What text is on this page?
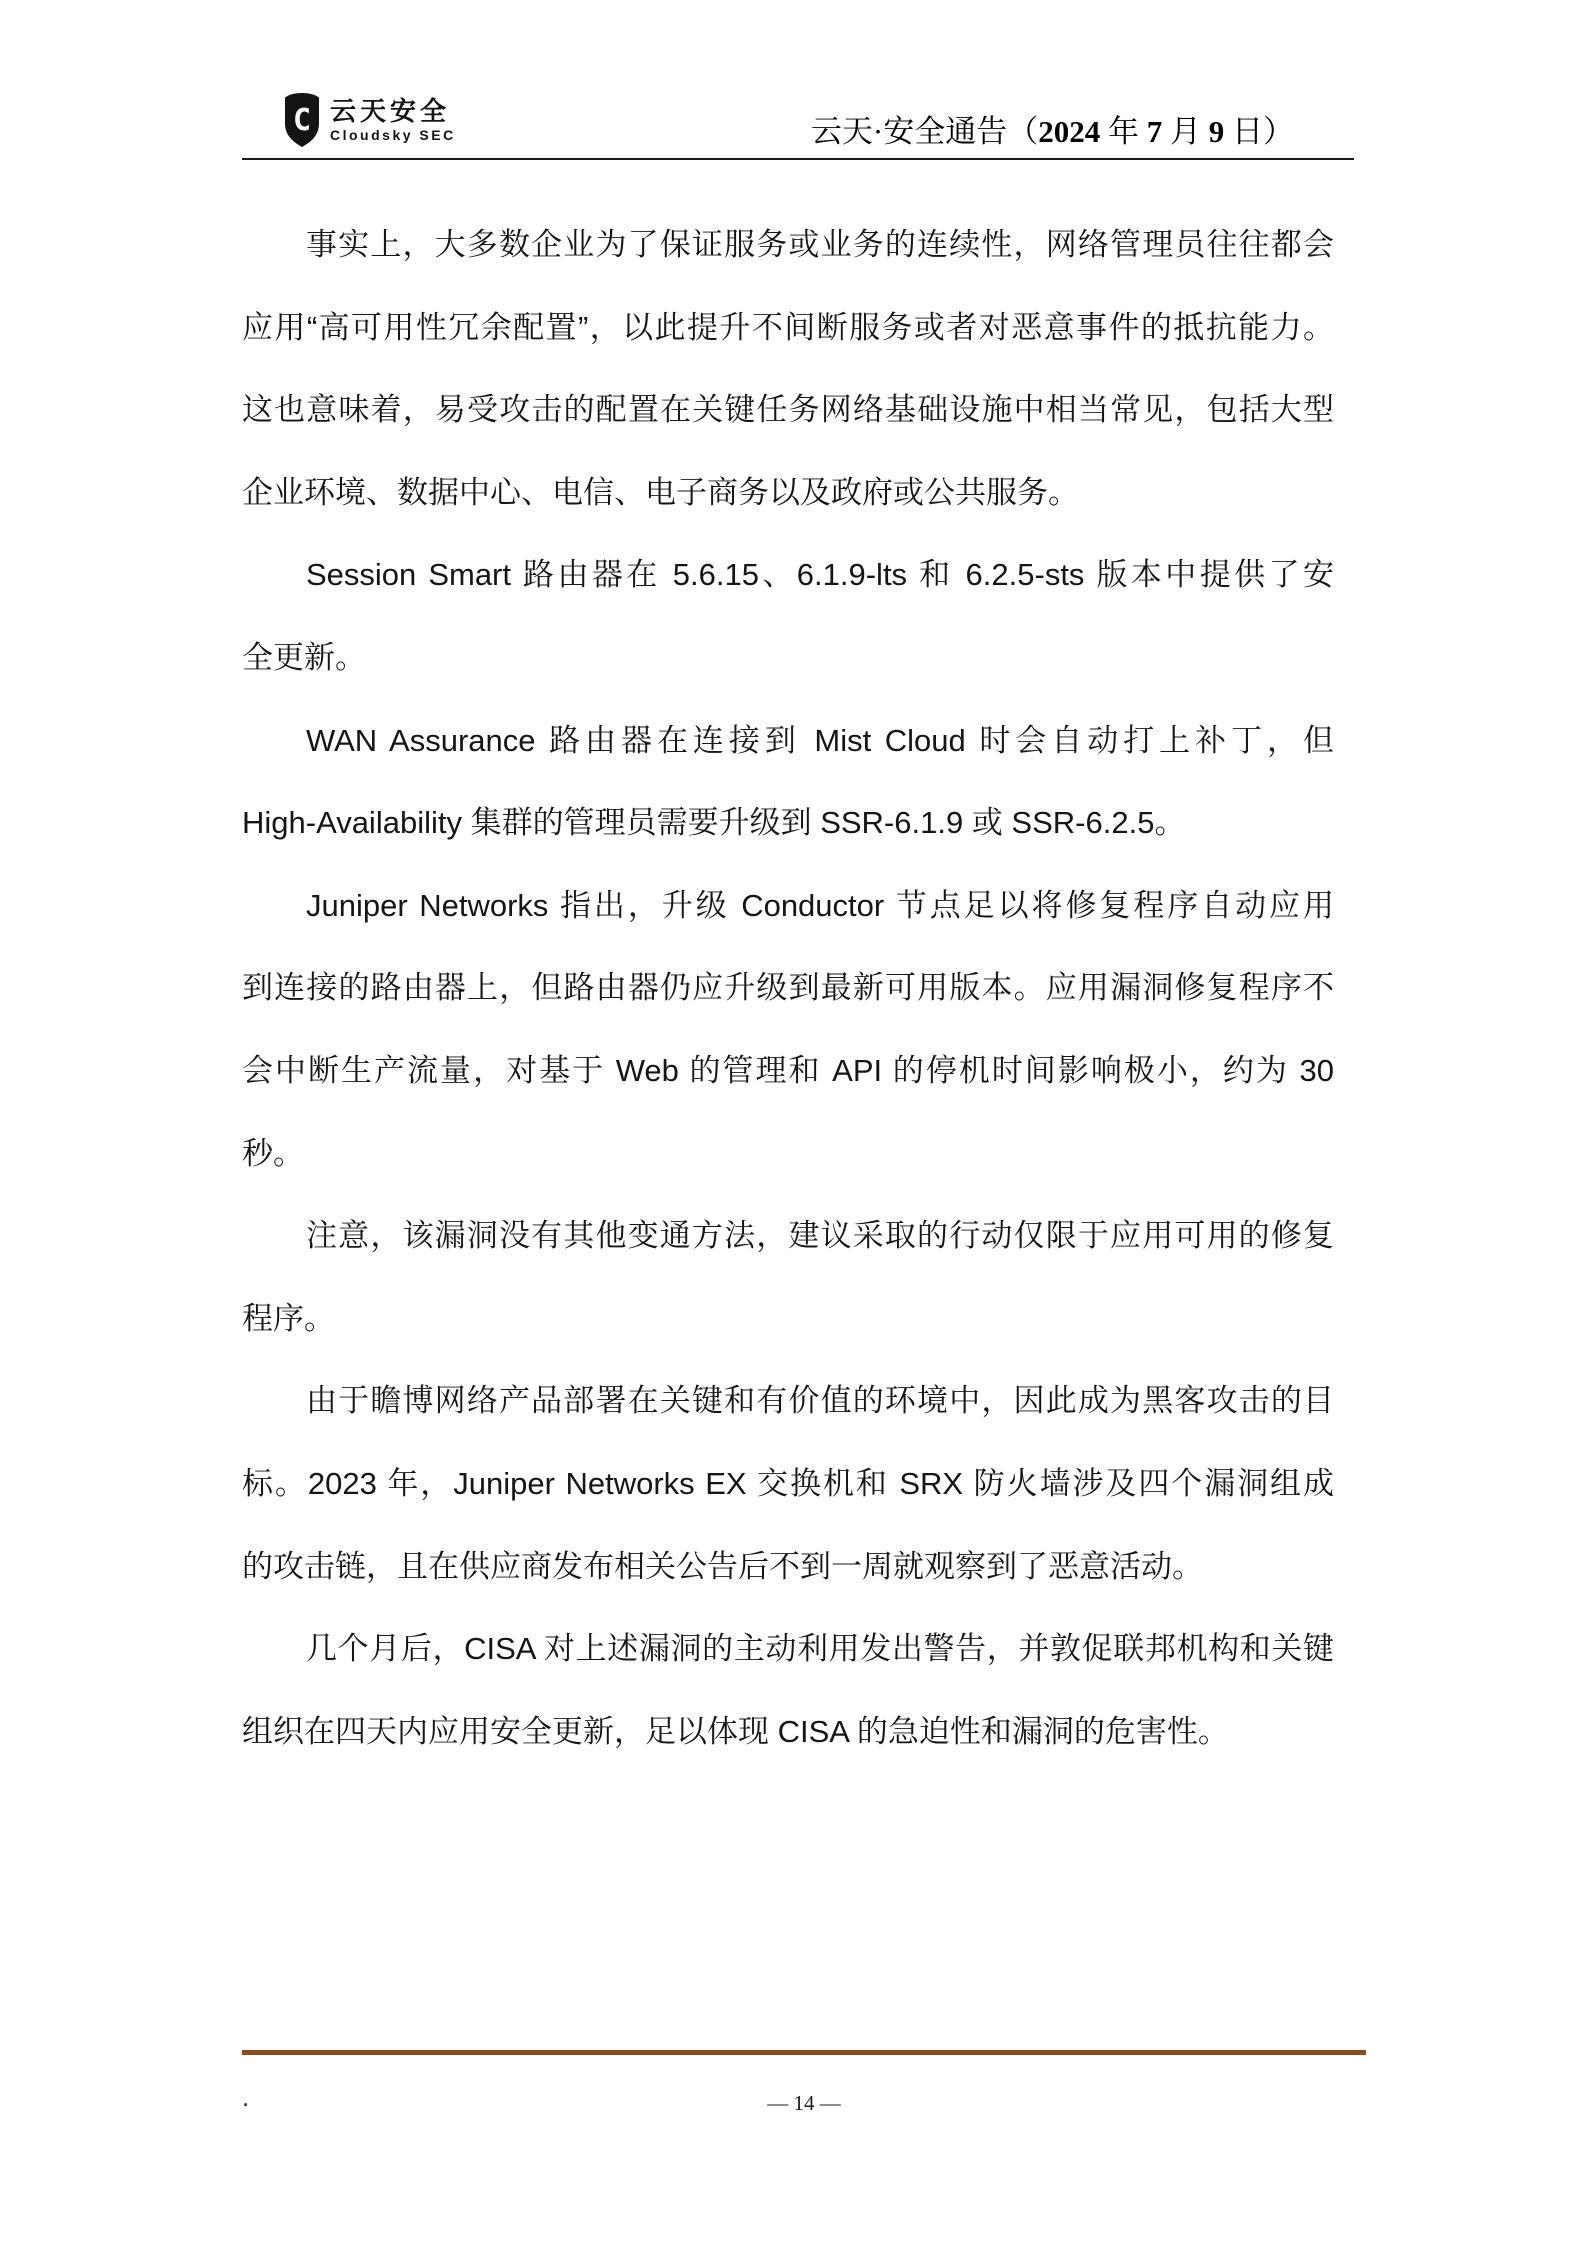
C 云天安全
Cloudsky SEC	云天·安全通告（2024 年 7 月 9 日）
事实上，大多数企业为了保证服务或业务的连续性，网络管理员往往都会
应用“高可用性冗余配置”，以此提升不间断服务或者对恶意事件的抵抗能力。
这也意味着，易受攻击的配置在关键任务网络基础设施中相当常见，包括大型
企业环境、数据中心、电信、电子商务以及政府或公共服务。
Session Smart 路由器在 5.6.15、6.1.9-lts 和 6.2.5-sts 版本中提供了安
全更新。
WAN Assurance 路由器在连接到 Mist Cloud 时会自动打上补丁，但
High-Availability 集群的管理员需要升级到 SSR-6.1.9 或 SSR-6.2.5。
Juniper Networks 指出，升级 Conductor 节点足以将修复程序自动应用
到连接的路由器上，但路由器仍应升级到最新可用版本。应用漏洞修复程序不
会中断生产流量，对基于 Web 的管理和 API 的停机时间影响极小，约为 30
秒。
注意，该漏洞没有其他变通方法，建议采取的行动仅限于应用可用的修复
程序。
由于瞻博网络产品部署在关键和有价值的环境中，因此成为黑客攻击的目
标。2023 年，Juniper Networks EX 交换机和 SRX 防火墙涉及四个漏洞组成
的攻击链，且在供应商发布相关公告后不到一周就观察到了恶意活动。
几个月后，CISA 对上述漏洞的主动利用发出警告，并敦促联邦机构和关键
组织在四天内应用安全更新，足以体现 CISA 的急迫性和漏洞的危害性。
.	— 14 —
